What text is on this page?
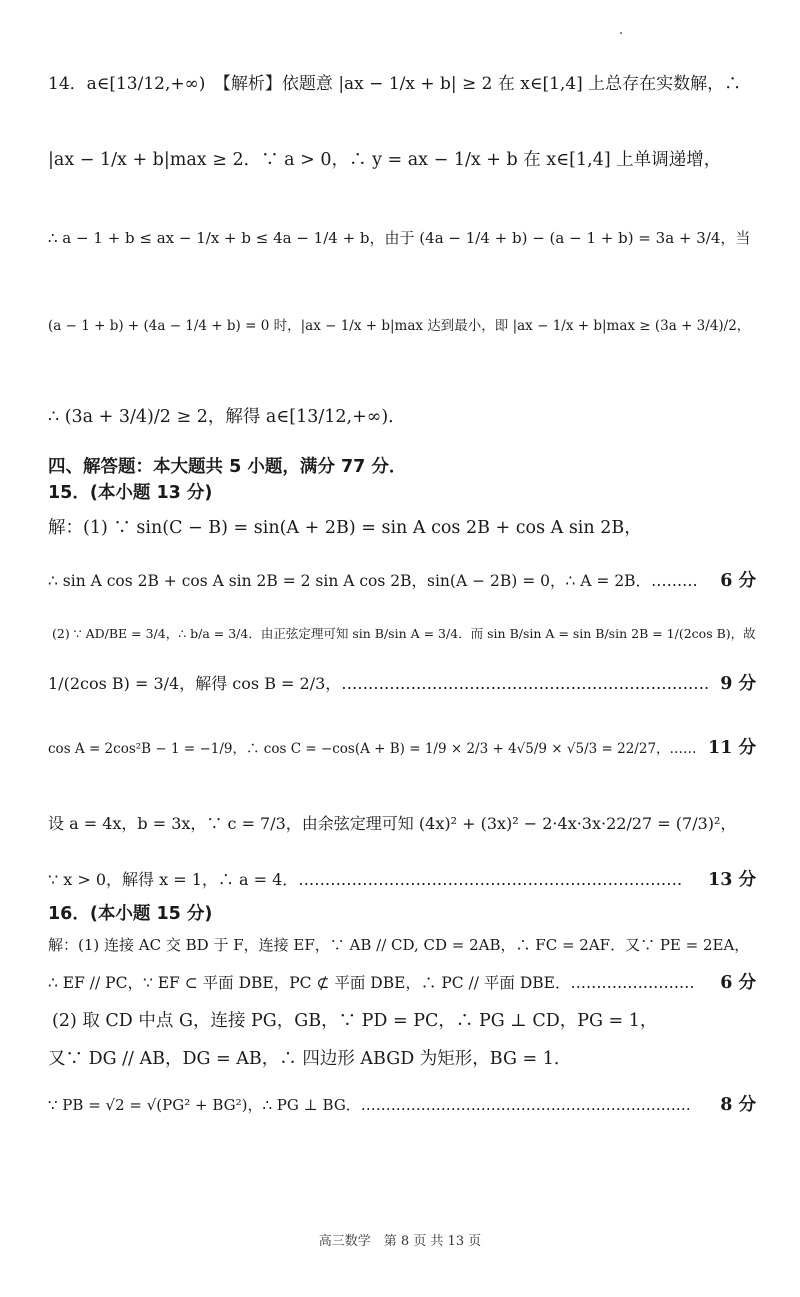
14．a∈[13/12,+∞)　【解析】依题意 |ax − 1/x + b| ≥ 2 在 x∈[1,4] 上总存在实数解，∴
|ax − 1/x + b|max ≥ 2．∵ a > 0，∴ y = ax − 1/x + b 在 x∈[1,4] 上单调递增，
∴ a − 1 + b ≤ ax − 1/x + b ≤ 4a − 1/4 + b，由于 (4a − 1/4 + b) − (a − 1 + b) = 3a + 3/4，当
(a − 1 + b) + (4a − 1/4 + b) = 0 时，|ax − 1/x + b|max 达到最小，即 |ax − 1/x + b|max ≥ (3a + 3/4)/2，
∴ (3a + 3/4)/2 ≥ 2，解得 a∈[13/12,+∞)．
四、解答题：本大题共 5 小题，满分 77 分．
15．(本小题 13 分)
解：(1) ∵ sin(C − B) = sin(A + 2B) = sin A cos 2B + cos A sin 2B，
∴ sin A cos 2B + cos A sin 2B = 2 sin A cos 2B，sin(A − 2B) = 0，∴ A = 2B．……… 6 分
(2) ∵ AD/BE = 3/4，∴ b/a = 3/4．由正弦定理可知 sin B/sin A = 3/4．而 sin B/sin A = sin B/sin 2B = 1/(2cos B)，故
1/(2cos B) = 3/4，解得 cos B = 2/3，…………………………………………………………… 9 分
cos A = 2cos²B − 1 = −1/9，∴ cos C = −cos(A + B) = 1/9 × 2/3 + 4√5/9 × √5/3 = 22/27，…… 11 分
设 a = 4x，b = 3x，∵ c = 7/3，由余弦定理可知 (4x)² + (3x)² − 2·4x·3x·22/27 = (7/3)²，
∵ x > 0，解得 x = 1，∴ a = 4．……………………………………………………………… 13 分
16．(本小题 15 分)
解：(1) 连接 AC 交 BD 于 F，连接 EF，∵ AB // CD, CD = 2AB，∴ FC = 2AF．又∵ PE = 2EA，
∴ EF // PC，∵ EF ⊂ 平面 DBE，PC ⊄ 平面 DBE，∴ PC // 平面 DBE．…………………… 6 分
(2) 取 CD 中点 G，连接 PG，GB，∵ PD = PC，∴ PG ⊥ CD，PG = 1，
又∵ DG // AB，DG = AB，∴ 四边形 ABGD 为矩形，BG = 1．
∵ PB = √2 = √(PG² + BG²)，∴ PG ⊥ BG．………………………………………………………… 8 分
高三数学　第 8 页 共 13 页
